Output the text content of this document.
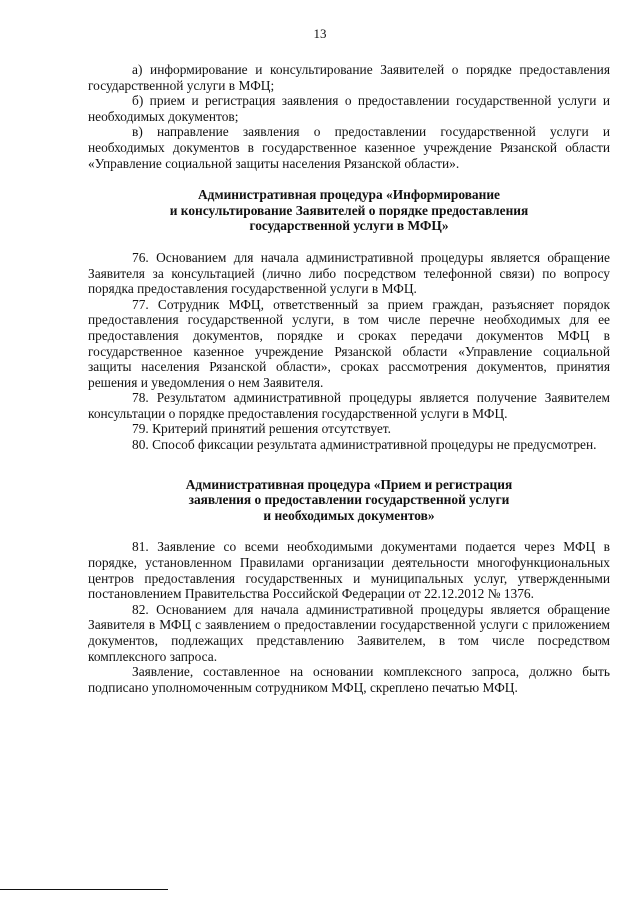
13

а) информирование и консультирование Заявителей о порядке предоставления государственной услуги в МФЦ;

б) прием и регистрация заявления о предоставлении государственной услуги и необходимых документов;

в) направление заявления о предоставлении государственной услуги и необходимых документов в государственное казенное учреждение Рязанской области «Управление социальной защиты населения Рязанской области».

Административная процедура «Информирование

и консультирование Заявителей о порядке предоставления

государственной услуги в МФЦ»

76. Основанием для начала административной процедуры является обращение Заявителя за консультацией (лично либо посредством телефонной связи) по вопросу порядка предоставления государственной услуги в МФЦ.

77. Сотрудник МФЦ, ответственный за прием граждан, разъясняет порядок предоставления государственной услуги, в том числе перечне необходимых для ее предоставления документов, порядке и сроках передачи документов МФЦ в государственное казенное учреждение Рязанской области «Управление социальной защиты населения Рязанской области», сроках рассмотрения документов, принятия решения и уведомления о нем Заявителя.

78. Результатом административной процедуры является получение Заявителем консультации о порядке предоставления государственной услуги в МФЦ.

79. Критерий принятий решения отсутствует.

80. Способ фиксации результата административной процедуры не предусмотрен.

Административная процедура «Прием и регистрация

заявления о предоставлении государственной услуги

и необходимых документов»

81. Заявление со всеми необходимыми документами подается через МФЦ в порядке, установленном Правилами организации деятельности многофункциональных центров предоставления государственных и муниципальных услуг, утвержденными постановлением Правительства Российской Федерации от 22.12.2012 № 1376.

82. Основанием для начала административной процедуры является обращение Заявителя в МФЦ с заявлением о предоставлении государственной услуги с приложением документов, подлежащих представлению Заявителем, в том числе посредством комплексного запроса.

Заявление, составленное на основании комплексного запроса, должно быть подписано уполномоченным сотрудником МФЦ, скреплено печатью МФЦ.
